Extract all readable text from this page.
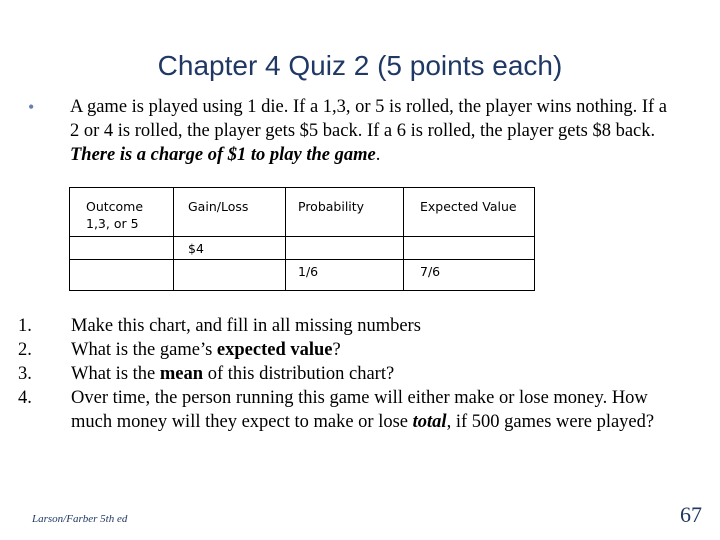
Chapter 4 Quiz 2 (5 points each)
• A game is played using 1 die. If a 1,3, or 5 is rolled, the player wins nothing. If a 2 or 4 is rolled, the player gets $5 back. If a 6 is rolled, the player gets $8 back. There is a charge of $1 to play the game.
Outcome
1,3, or 5	Gain/Loss	Probability	Expected Value

	$4		

		1/6	7/6
1. Make this chart, and fill in all missing numbers
2. What is the game’s expected value?
3. What is the mean of this distribution chart?
4. Over time, the person running this game will either make or lose money. How much money will they expect to make or lose total, if 500 games were played?
Larson/Farber 5th ed	67
